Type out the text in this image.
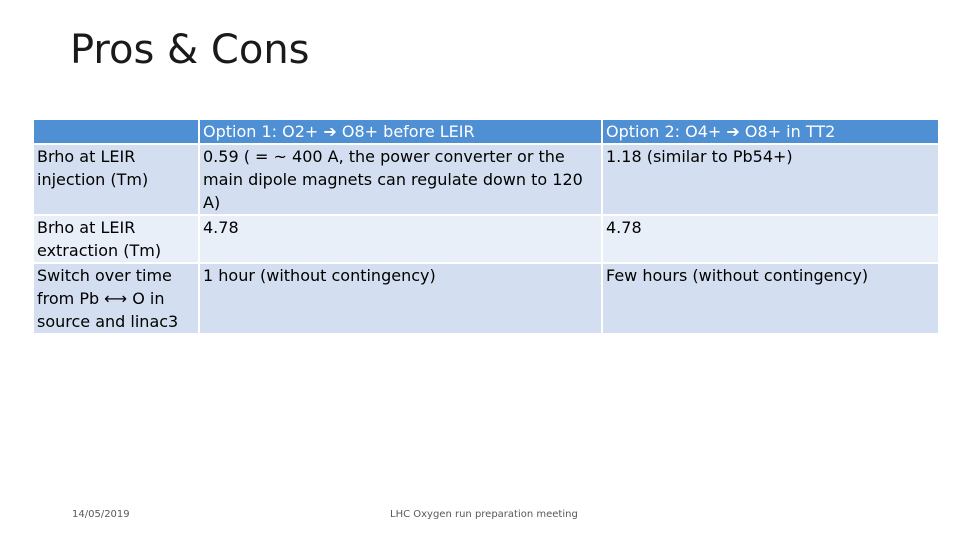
Pros & Cons
	Option 1: O2+ ➔ O8+ before LEIR	Option 2: O4+ ➔ O8+ in TT2
Brho at LEIR injection (Tm)	0.59 ( = ~ 400 A, the power converter or the main dipole magnets can regulate down to 120 A)	1.18 (similar to Pb54+)
Brho at LEIR extraction (Tm)	4.78	4.78
Switch over time from Pb ⟷ O in source and linac3	1 hour (without contingency)	Few hours (without contingency)
14/05/2019	LHC Oxygen run preparation meeting
